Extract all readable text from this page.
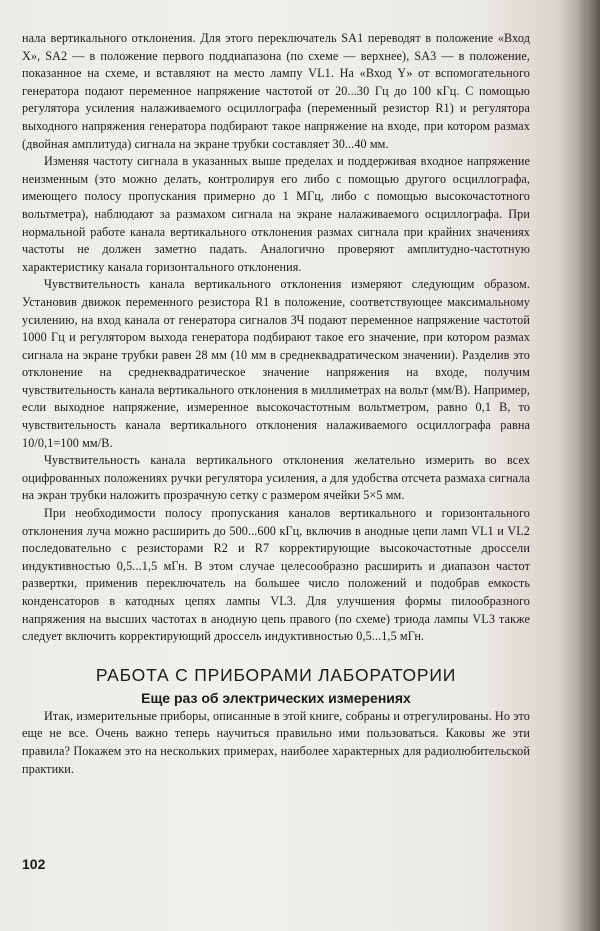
нала вертикального отклонения. Для этого переключатель SA1 переводят в положение «Вход X», SA2 — в положение первого поддиапазона (по схеме — верхнее), SA3 — в положение, показанное на схеме, и вставляют на место лампу VL1. На «Вход Y» от вспомогательного генератора подают переменное напряжение частотой от 20...30 Гц до 100 кГц. С помощью регулятора усиления налаживаемого осциллографа (переменный резистор R1) и регулятора выходного напряжения генератора подбирают такое напряжение на входе, при котором размах (двойная амплитуда) сигнала на экране трубки составляет 30...40 мм.

Изменяя частоту сигнала в указанных выше пределах и поддерживая входное напряжение неизменным (это можно делать, контролируя его либо с помощью другого осциллографа, имеющего полосу пропускания примерно до 1 МГц, либо с помощью высокочастотного вольтметра), наблюдают за размахом сигнала на экране налаживаемого осциллографа. При нормальной работе канала вертикального отклонения размах сигнала при крайних значениях частоты не должен заметно падать. Аналогично проверяют амплитудно-частотную характеристику канала горизонтального отклонения.

Чувствительность канала вертикального отклонения измеряют следующим образом. Установив движок переменного резистора R1 в положение, соответствующее максимальному усилению, на вход канала от генератора сигналов ЗЧ подают переменное напряжение частотой 1000 Гц и регулятором выхода генератора подбирают такое его значение, при котором размах сигнала на экране трубки равен 28 мм (10 мм в среднеквадратическом значении). Разделив это отклонение на среднеквадратическое значение напряжения на входе, получим чувствительность канала вертикального отклонения в миллиметрах на вольт (мм/В). Например, если выходное напряжение, измеренное высокочастотным вольтметром, равно 0,1 В, то чувствительность канала вертикального отклонения налаживаемого осциллографа равна 10/0,1=100 мм/В.

Чувствительность канала вертикального отклонения желательно измерить во всех оцифрованных положениях ручки регулятора усиления, а для удобства отсчета размаха сигнала на экран трубки наложить прозрачную сетку с размером ячейки 5×5 мм.

При необходимости полосу пропускания каналов вертикального и горизонтального отклонения луча можно расширить до 500...600 кГц, включив в анодные цепи ламп VL1 и VL2 последовательно с резисторами R2 и R7 корректирующие высокочастотные дроссели индуктивностью 0,5...1,5 мГн. В этом случае целесообразно расширить и диапазон частот развертки, применив переключатель на большее число положений и подобрав емкость конденсаторов в катодных цепях лампы VL3. Для улучшения формы пилообразного напряжения на высших частотах в анодную цепь правого (по схеме) триода лампы VL3 также следует включить корректирующий дроссель индуктивностью 0,5...1,5 мГн.

РАБОТА С ПРИБОРАМИ ЛАБОРАТОРИИ
Еще раз об электрических измерениях

Итак, измерительные приборы, описанные в этой книге, собраны и отрегулированы. Но это еще не все. Очень важно теперь научиться правильно ими пользоваться. Каковы же эти правила? Покажем это на нескольких примерах, наиболее характерных для радиолюбительской практики.

102
